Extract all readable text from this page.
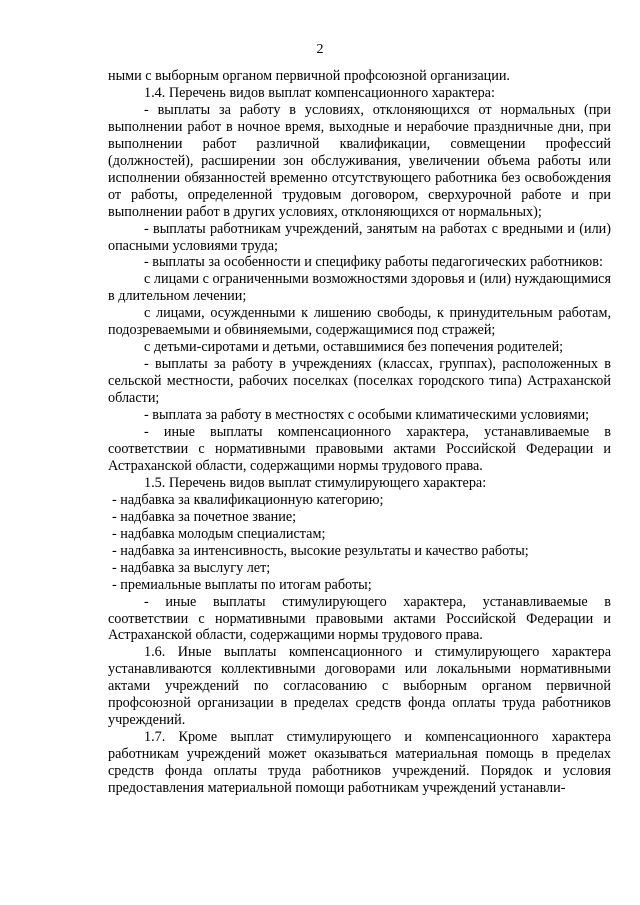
2

ными с выборным органом первичной профсоюзной организации.

1.4. Перечень видов выплат компенсационного характера:

- выплаты за работу в условиях, отклоняющихся от нормальных (при выполнении работ в ночное время, выходные и нерабочие праздничные дни, при выполнении работ различной квалификации, совмещении профессий (должностей), расширении зон обслуживания, увеличении объема работы или исполнении обязанностей временно отсутствующего работника без освобождения от работы, определенной трудовым договором, сверхурочной работе и при выполнении работ в других условиях, отклоняющихся от нормальных);

- выплаты работникам учреждений, занятым на работах с вредными и (или) опасными условиями труда;

- выплаты за особенности и специфику работы педагогических работников:

с лицами с ограниченными возможностями здоровья и (или) нуждающимися в длительном лечении;

с лицами, осужденными к лишению свободы, к принудительным работам, подозреваемыми и обвиняемыми, содержащимися под стражей;

с детьми-сиротами и детьми, оставшимися без попечения родителей;

- выплаты за работу в учреждениях (классах, группах), расположенных в сельской местности, рабочих поселках (поселках городского типа) Астраханской области;

- выплата за работу в местностях с особыми климатическими условиями;

- иные выплаты компенсационного характера, устанавливаемые в соответствии с нормативными правовыми актами Российской Федерации и Астраханской области, содержащими нормы трудового права.

1.5. Перечень видов выплат стимулирующего характера:

- надбавка за квалификационную категорию;

- надбавка за почетное звание;

- надбавка молодым специалистам;

- надбавка за интенсивность, высокие результаты и качество работы;

- надбавка за выслугу лет;

- премиальные выплаты по итогам работы;

- иные выплаты стимулирующего характера, устанавливаемые в соответствии с нормативными правовыми актами Российской Федерации и Астраханской области, содержащими нормы трудового права.

1.6. Иные выплаты компенсационного и стимулирующего характера устанавливаются коллективными договорами или локальными нормативными актами учреждений по согласованию с выборным органом первичной профсоюзной организации в пределах средств фонда оплаты труда работников учреждений.

1.7. Кроме выплат стимулирующего и компенсационного характера работникам учреждений может оказываться материальная помощь в пределах средств фонда оплаты труда работников учреждений. Порядок и условия предоставления материальной помощи работникам учреждений устанавли-
